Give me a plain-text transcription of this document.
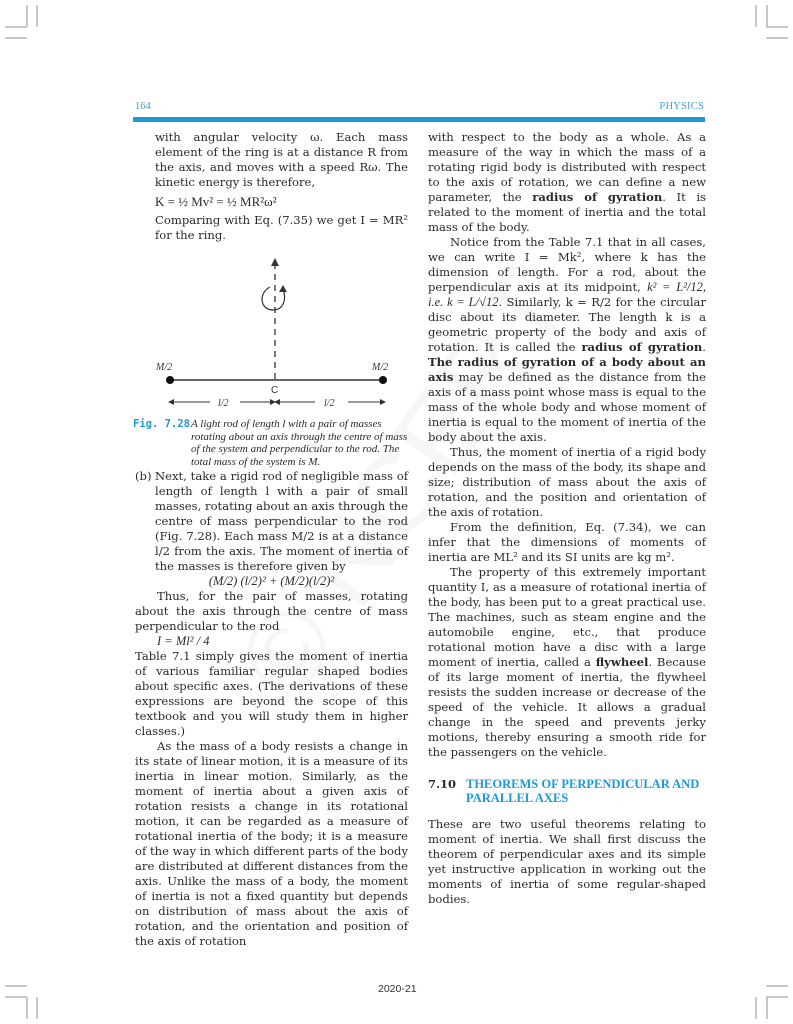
164	PHYSICS

with angular velocity ω. Each mass element of the ring is at a distance R from the axis, and moves with a speed Rω. The kinetic energy is therefore,

K = ½ Mv² = ½ MR²ω²

Comparing with Eq. (7.35) we get I = MR² for the ring.

M/2	M/2
C
l/2	l/2
Fig. 7.28 A light rod of length l with a pair of masses rotating about an axis through the centre of mass of the system and perpendicular to the rod. The total mass of the system is M.
(b) Next, take a rigid rod of negligible mass of length of length l with a pair of small masses, rotating about an axis through the centre of mass perpendicular to the rod (Fig. 7.28). Each mass M/2 is at a distance l/2 from the axis. The moment of inertia of the masses is therefore given by

(M/2) (l/2)² + (M/2)(l/2)²

Thus, for the pair of masses, rotating about the axis through the centre of mass perpendicular to the rod

I = Ml² / 4

Table 7.1 simply gives the moment of inertia of various familiar regular shaped bodies about specific axes. (The derivations of these expressions are beyond the scope of this textbook and you will study them in higher classes.)

As the mass of a body resists a change in its state of linear motion, it is a measure of its inertia in linear motion. Similarly, as the moment of inertia about a given axis of rotation resists a change in its rotational motion, it can be regarded as a measure of rotational inertia of the body; it is a measure of the way in which different parts of the body are distributed at different distances from the axis. Unlike the mass of a body, the moment of inertia is not a fixed quantity but depends on distribution of mass about the axis of rotation, and the orientation and position of the axis of rotation

with respect to the body as a whole. As a measure of the way in which the mass of a rotating rigid body is distributed with respect to the axis of rotation, we can define a new parameter, the radius of gyration. It is related to the moment of inertia and the total mass of the body.

Notice from the Table 7.1 that in all cases, we can write I = Mk², where k has the dimension of length. For a rod, about the perpendicular axis at its midpoint, k² = L²/12, i.e. k = L/√12. Similarly, k = R/2 for the circular disc about its diameter. The length k is a geometric property of the body and axis of rotation. It is called the radius of gyration. The radius of gyration of a body about an axis may be defined as the distance from the axis of a mass point whose mass is equal to the mass of the whole body and whose moment of inertia is equal to the moment of inertia of the body about the axis.

Thus, the moment of inertia of a rigid body depends on the mass of the body, its shape and size; distribution of mass about the axis of rotation, and the position and orientation of the axis of rotation.

From the definition, Eq. (7.34), we can infer that the dimensions of moments of inertia are ML² and its SI units are kg m².

The property of this extremely important quantity I, as a measure of rotational inertia of the body, has been put to a great practical use. The machines, such as steam engine and the automobile engine, etc., that produce rotational motion have a disc with a large moment of inertia, called a flywheel. Because of its large moment of inertia, the flywheel resists the sudden increase or decrease of the speed of the vehicle. It allows a gradual change in the speed and prevents jerky motions, thereby ensuring a smooth ride for the passengers on the vehicle.

7.10 THEOREMS OF PERPENDICULAR AND PARALLEL AXES

These are two useful theorems relating to moment of inertia. We shall first discuss the theorem of perpendicular axes and its simple yet instructive application in working out the moments of inertia of some regular-shaped bodies.

2020-21
